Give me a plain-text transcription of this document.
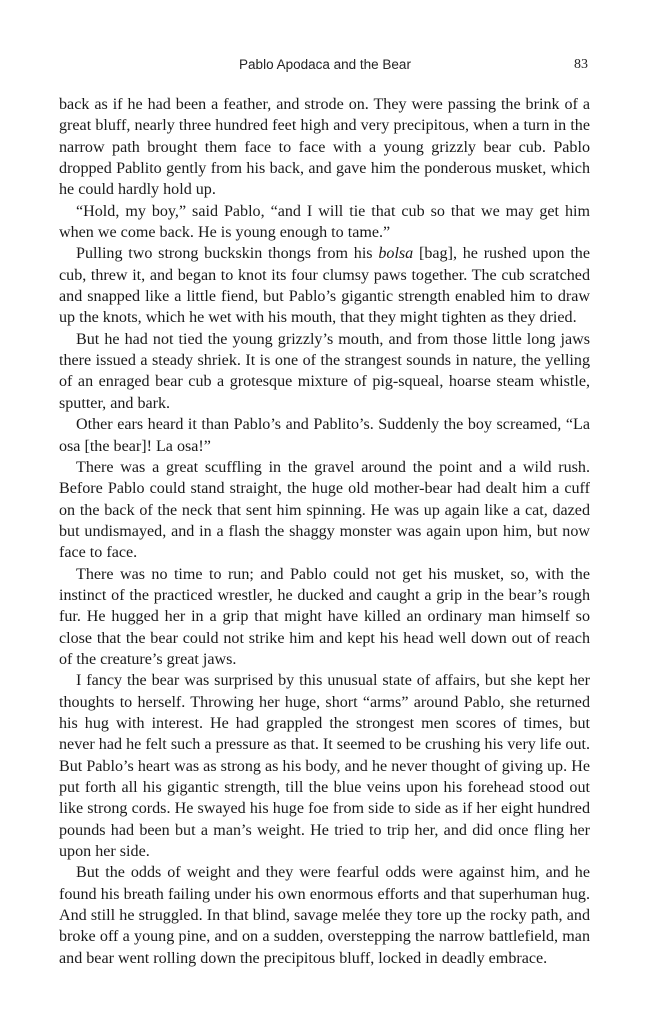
Pablo Apodaca and the Bear	83

back as if he had been a feather, and strode on. They were passing the brink of a great bluff, nearly three hundred feet high and very precipitous, when a turn in the narrow path brought them face to face with a young grizzly bear cub. Pablo dropped Pablito gently from his back, and gave him the ponderous musket, which he could hardly hold up.

“Hold, my boy,” said Pablo, “and I will tie that cub so that we may get him when we come back. He is young enough to tame.”

Pulling two strong buckskin thongs from his bolsa [bag], he rushed upon the cub, threw it, and began to knot its four clumsy paws together. The cub scratched and snapped like a little fiend, but Pablo’s gigantic strength enabled him to draw up the knots, which he wet with his mouth, that they might tighten as they dried.

But he had not tied the young grizzly’s mouth, and from those little long jaws there issued a steady shriek. It is one of the strangest sounds in nature, the yelling of an enraged bear cub a grotesque mixture of pig-squeal, hoarse steam whistle, sputter, and bark.

Other ears heard it than Pablo’s and Pablito’s. Suddenly the boy screamed, “La osa [the bear]! La osa!”

There was a great scuffling in the gravel around the point and a wild rush. Before Pablo could stand straight, the huge old mother-bear had dealt him a cuff on the back of the neck that sent him spinning. He was up again like a cat, dazed but undismayed, and in a flash the shaggy monster was again upon him, but now face to face.

There was no time to run; and Pablo could not get his musket, so, with the instinct of the practiced wrestler, he ducked and caught a grip in the bear’s rough fur. He hugged her in a grip that might have killed an ordinary man himself so close that the bear could not strike him and kept his head well down out of reach of the creature’s great jaws.

I fancy the bear was surprised by this unusual state of affairs, but she kept her thoughts to herself. Throwing her huge, short “arms” around Pablo, she returned his hug with interest. He had grappled the strongest men scores of times, but never had he felt such a pressure as that. It seemed to be crushing his very life out. But Pablo’s heart was as strong as his body, and he never thought of giving up. He put forth all his gigantic strength, till the blue veins upon his forehead stood out like strong cords. He swayed his huge foe from side to side as if her eight hundred pounds had been but a man’s weight. He tried to trip her, and did once fling her upon her side.

But the odds of weight and they were fearful odds were against him, and he found his breath failing under his own enormous efforts and that superhuman hug. And still he struggled. In that blind, savage melée they tore up the rocky path, and broke off a young pine, and on a sudden, overstepping the narrow battlefield, man and bear went rolling down the precipitous bluff, locked in deadly embrace.
